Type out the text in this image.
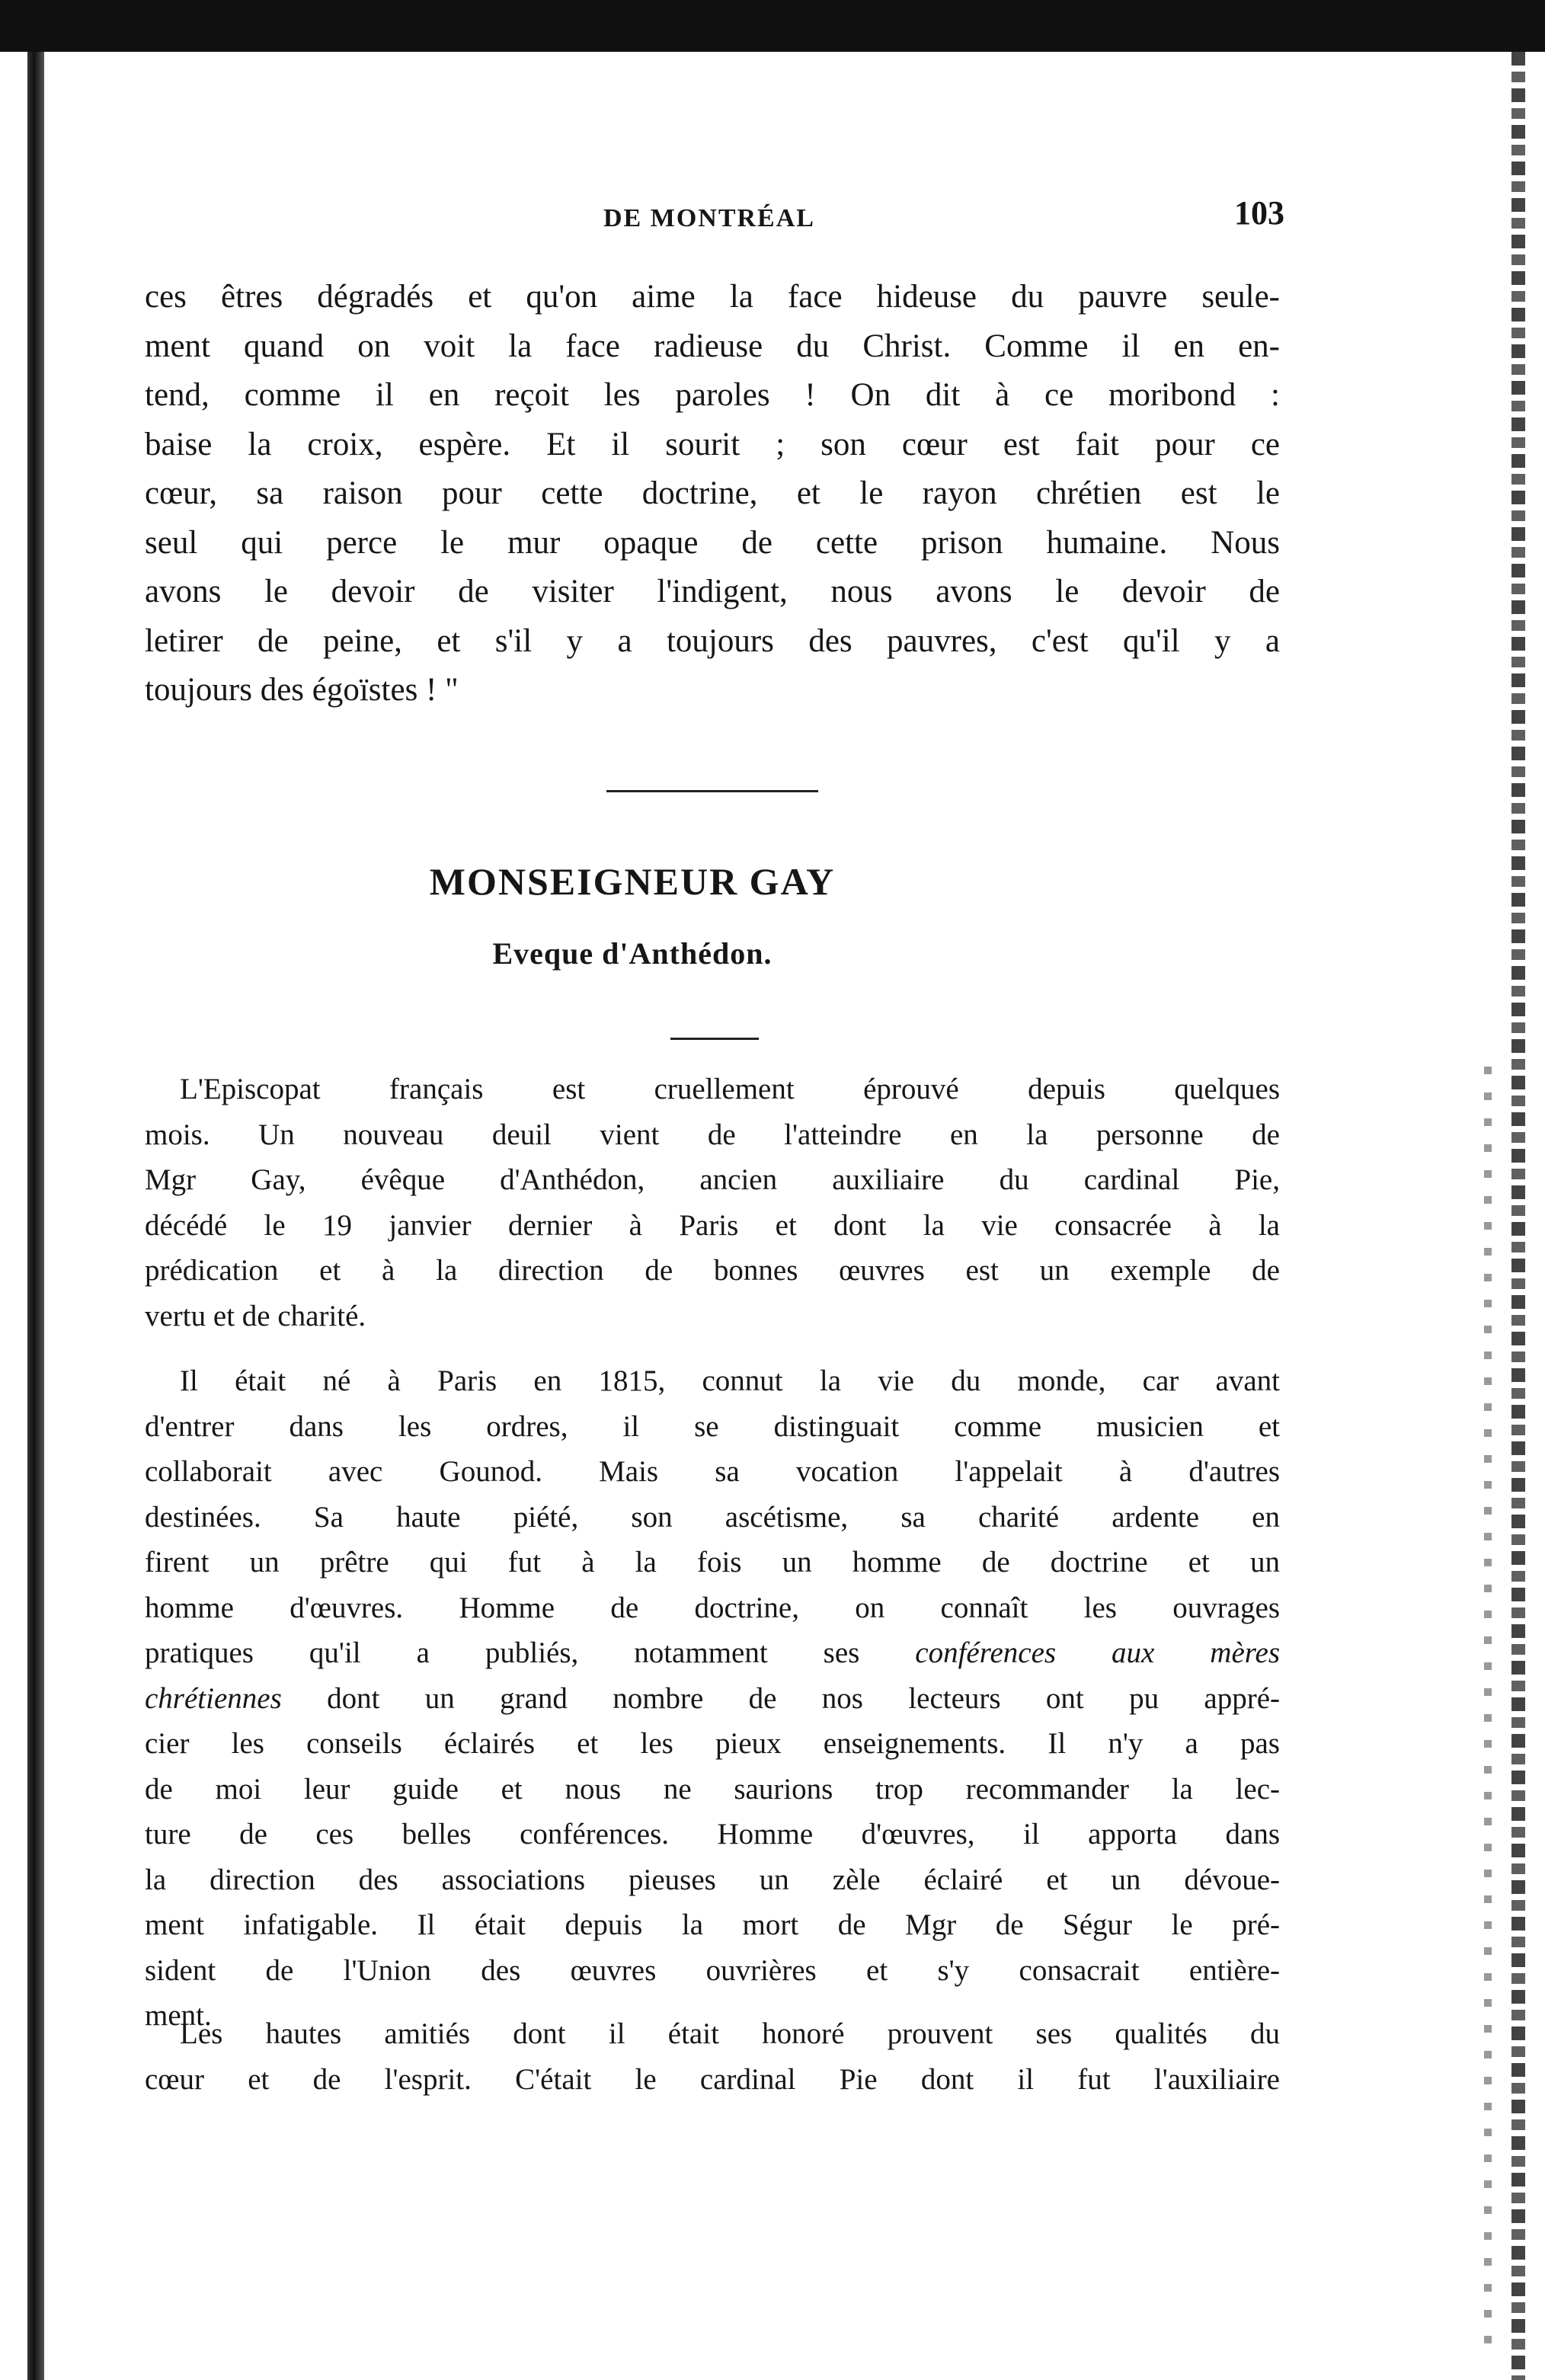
DE MONTRÉAL	103
ces êtres dégradés et qu'on aime la face hideuse du pauvre seule-
ment quand on voit la face radieuse du Christ. Comme il en en-
tend, comme il en reçoit les paroles ! On dit à ce moribond :
baise la croix, espère. Et il sourit ; son cœur est fait pour ce
cœur, sa raison pour cette doctrine, et le rayon chrétien est le
seul qui perce le mur opaque de cette prison humaine. Nous
avons le devoir de visiter l'indigent, nous avons le devoir de
letirer de peine, et s'il y a toujours des pauvres, c'est qu'il y a
toujours des égoïstes ! "
MONSEIGNEUR GAY
Eveque d'Anthédon.
L'Episcopat français est cruellement éprouvé depuis quelques
mois. Un nouveau deuil vient de l'atteindre en la personne de
Mgr Gay, évêque d'Anthédon, ancien auxiliaire du cardinal Pie,
décédé le 19 janvier dernier à Paris et dont la vie consacrée à la
prédication et à la direction de bonnes œuvres est un exemple de
vertu et de charité.
Il était né à Paris en 1815, connut la vie du monde, car avant
d'entrer dans les ordres, il se distinguait comme musicien et
collaborait avec Gounod. Mais sa vocation l'appelait à d'autres
destinées. Sa haute piété, son ascétisme, sa charité ardente en
firent un prêtre qui fut à la fois un homme de doctrine et un
homme d'œuvres. Homme de doctrine, on connaît les ouvrages
pratiques qu'il a publiés, notamment ses conférences aux mères
chrétiennes dont un grand nombre de nos lecteurs ont pu appré-
cier les conseils éclairés et les pieux enseignements. Il n'y a pas
de moi leur guide et nous ne saurions trop recommander la lec-
ture de ces belles conférences. Homme d'œuvres, il apporta dans
la direction des associations pieuses un zèle éclairé et un dévoue-
ment infatigable. Il était depuis la mort de Mgr de Ségur le pré-
sident de l'Union des œuvres ouvrières et s'y consacrait entière-
ment.
Les hautes amitiés dont il était honoré prouvent ses qualités du
cœur et de l'esprit. C'était le cardinal Pie dont il fut l'auxiliaire
